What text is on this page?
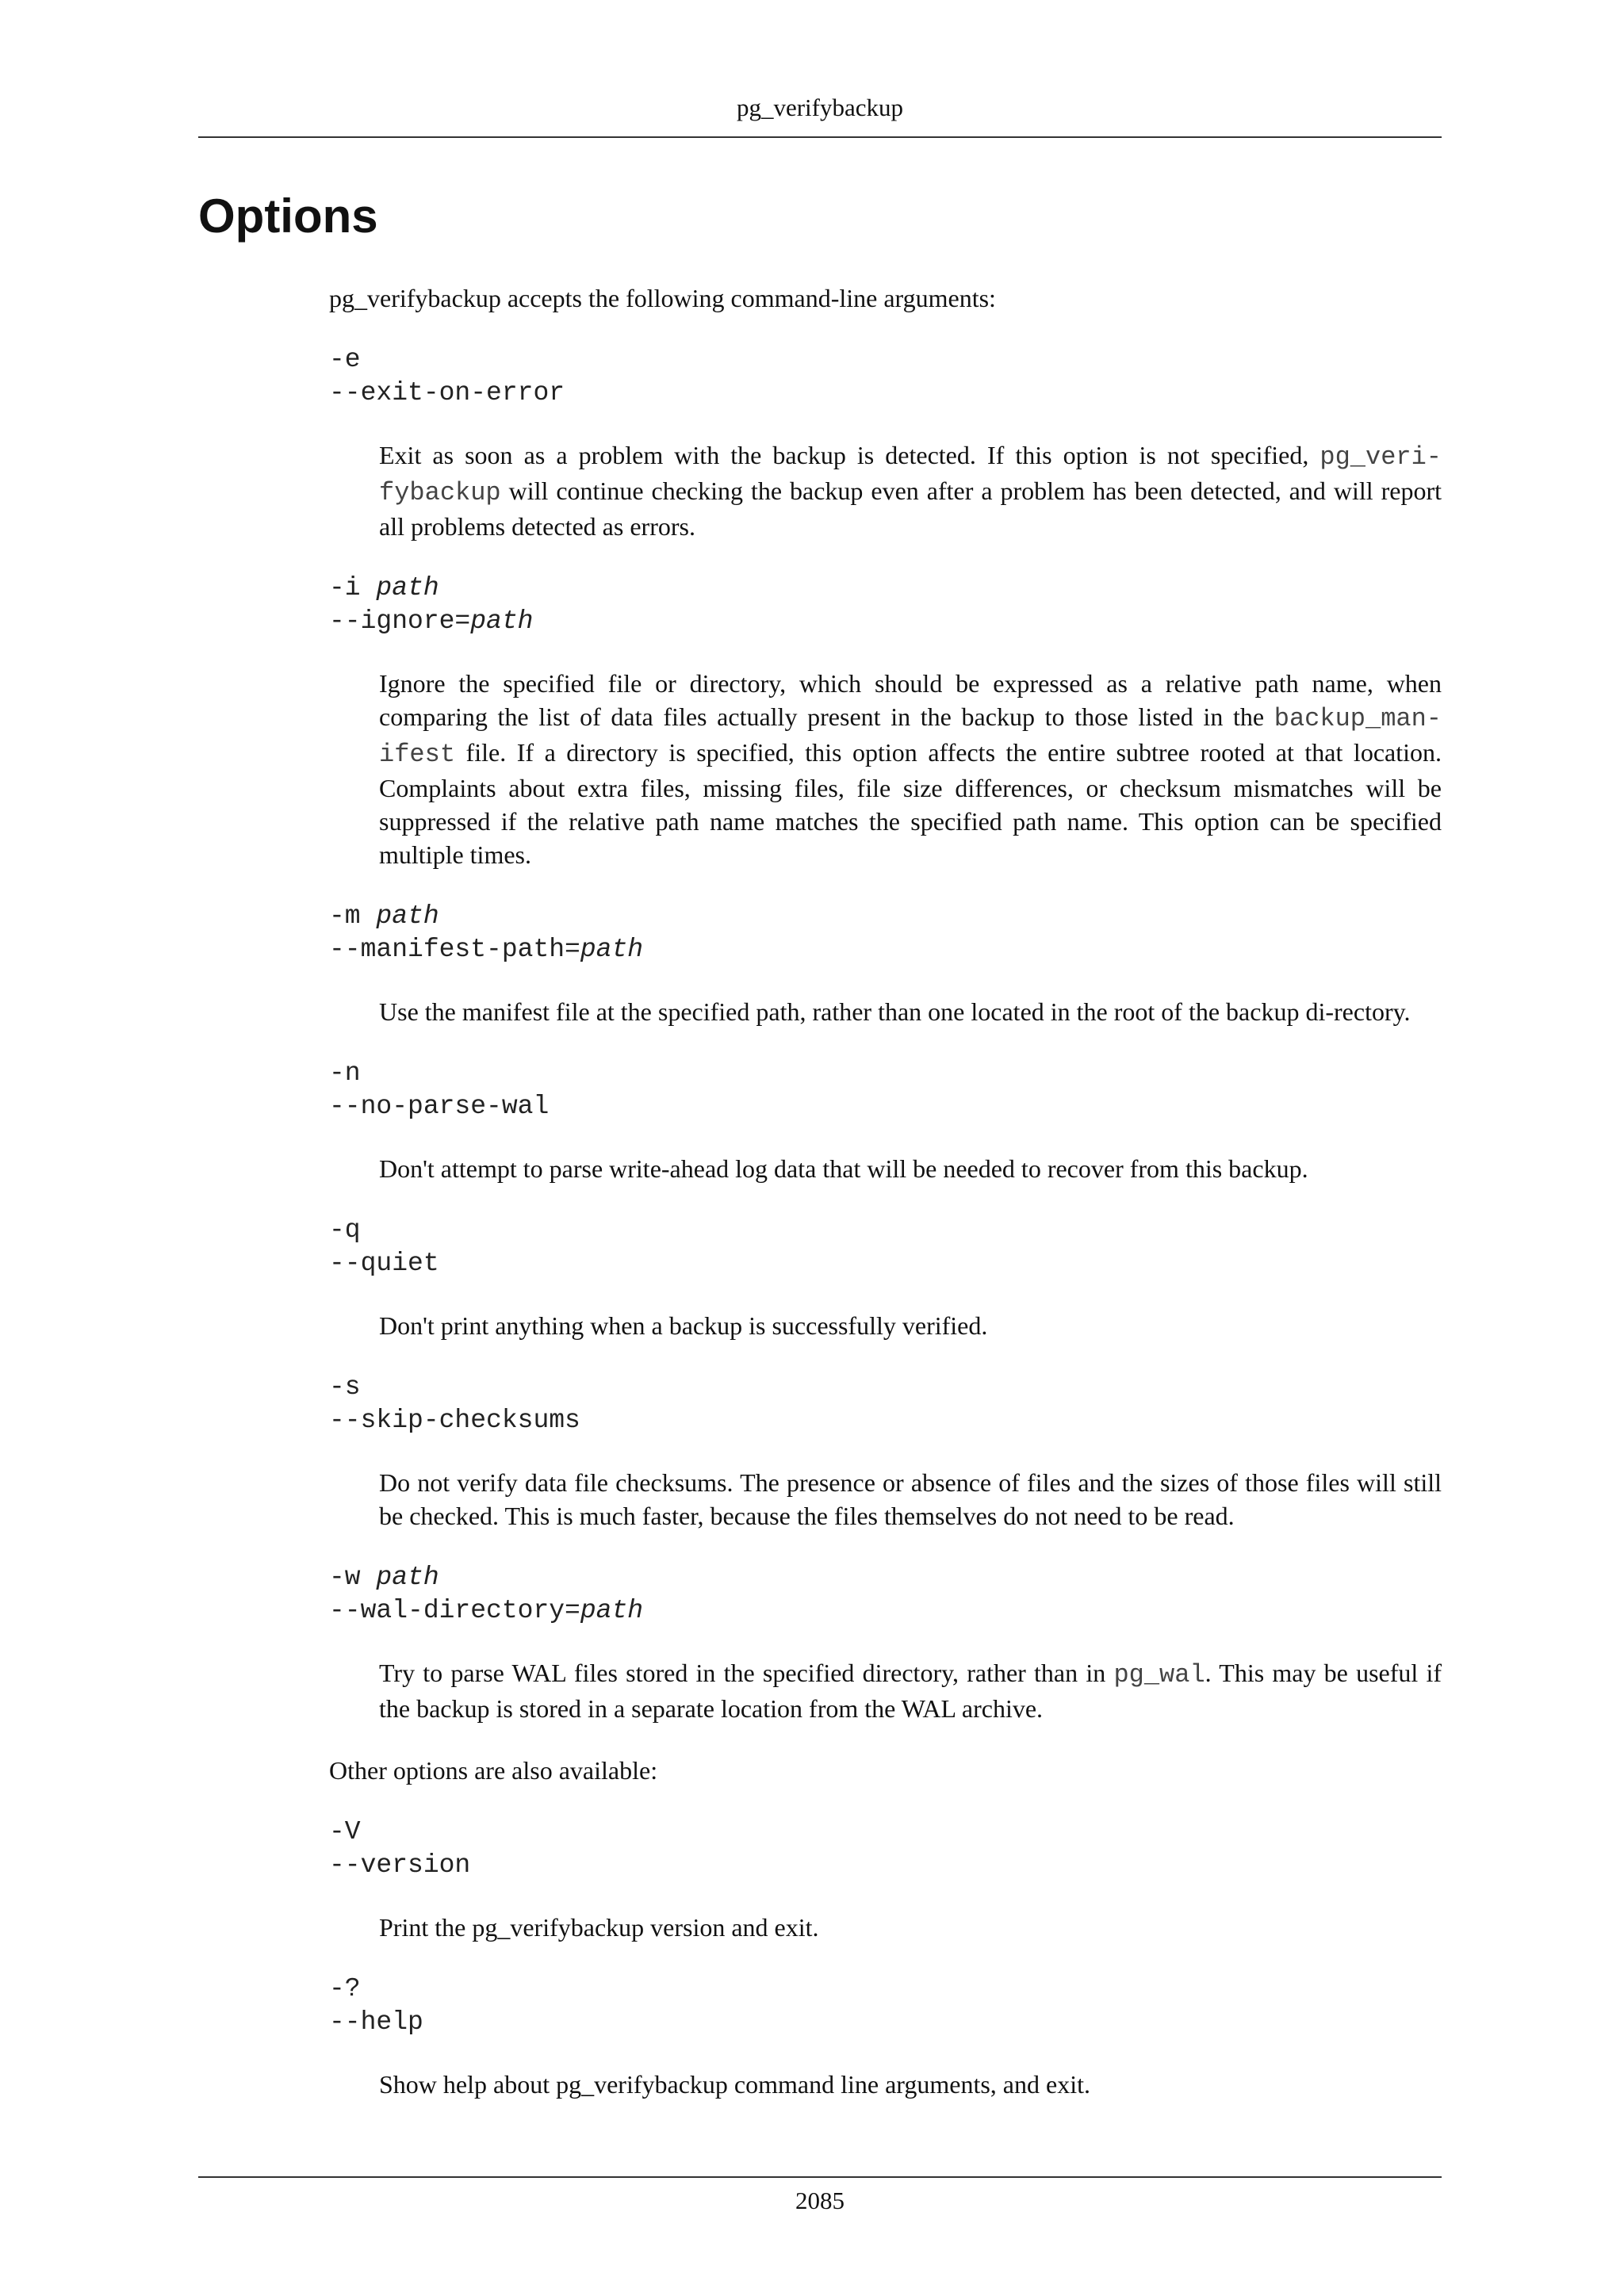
pg_verifybackup
Options

pg_verifybackup accepts the following command-line arguments:

-e
--exit-on-error
Exit as soon as a problem with the backup is detected. If this option is not specified, pg_veri-fybackup will continue checking the backup even after a problem has been detected, and will report all problems detected as errors.
-i path
--ignore=path
Ignore the specified file or directory, which should be expressed as a relative path name, when comparing the list of data files actually present in the backup to those listed in the backup_man-ifest file. If a directory is specified, this option affects the entire subtree rooted at that location. Complaints about extra files, missing files, file size differences, or checksum mismatches will be suppressed if the relative path name matches the specified path name. This option can be specified multiple times.
-m path
--manifest-path=path
Use the manifest file at the specified path, rather than one located in the root of the backup di-rectory.
-n
--no-parse-wal
Don't attempt to parse write-ahead log data that will be needed to recover from this backup.
-q
--quiet
Don't print anything when a backup is successfully verified.
-s
--skip-checksums
Do not verify data file checksums. The presence or absence of files and the sizes of those files will still be checked. This is much faster, because the files themselves do not need to be read.
-w path
--wal-directory=path
Try to parse WAL files stored in the specified directory, rather than in pg_wal. This may be useful if the backup is stored in a separate location from the WAL archive.

Other options are also available:

-V
--version
Print the pg_verifybackup version and exit.
-?
--help
Show help about pg_verifybackup command line arguments, and exit.
2085
